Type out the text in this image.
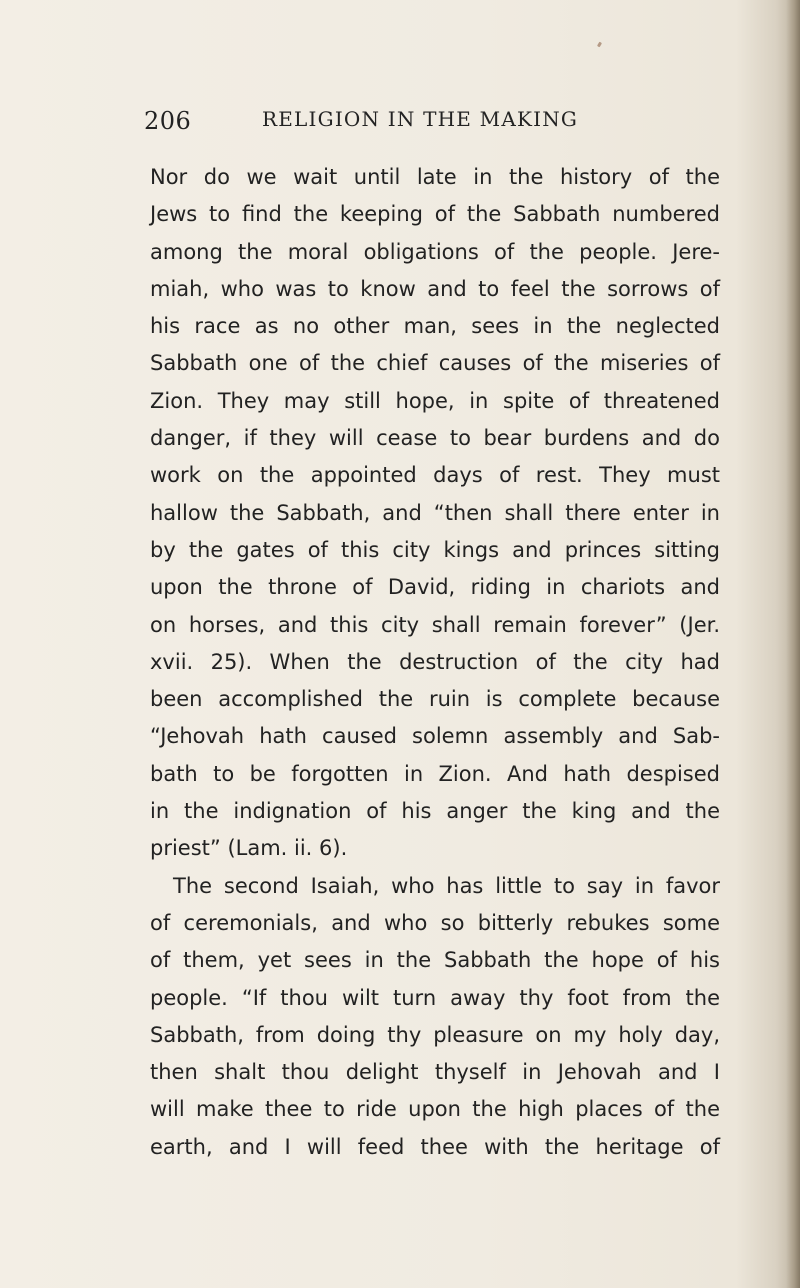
206	RELIGION IN THE MAKING
Nor do we wait until late in the history of the
Jews to find the keeping of the Sabbath numbered
among the moral obligations of the people. Jere-
miah, who was to know and to feel the sorrows of
his race as no other man, sees in the neglected
Sabbath one of the chief causes of the miseries of
Zion. They may still hope, in spite of threatened
danger, if they will cease to bear burdens and do
work on the appointed days of rest. They must
hallow the Sabbath, and “then shall there enter in
by the gates of this city kings and princes sitting
upon the throne of David, riding in chariots and
on horses, and this city shall remain forever” (Jer.
xvii. 25). When the destruction of the city had
been accomplished the ruin is complete because
“Jehovah hath caused solemn assembly and Sab-
bath to be forgotten in Zion. And hath despised
in the indignation of his anger the king and the
priest” (Lam. ii. 6).
The second Isaiah, who has little to say in favor
of ceremonials, and who so bitterly rebukes some
of them, yet sees in the Sabbath the hope of his
people. “If thou wilt turn away thy foot from the
Sabbath, from doing thy pleasure on my holy day,
then shalt thou delight thyself in Jehovah and I
will make thee to ride upon the high places of the
earth, and I will feed thee with the heritage of
